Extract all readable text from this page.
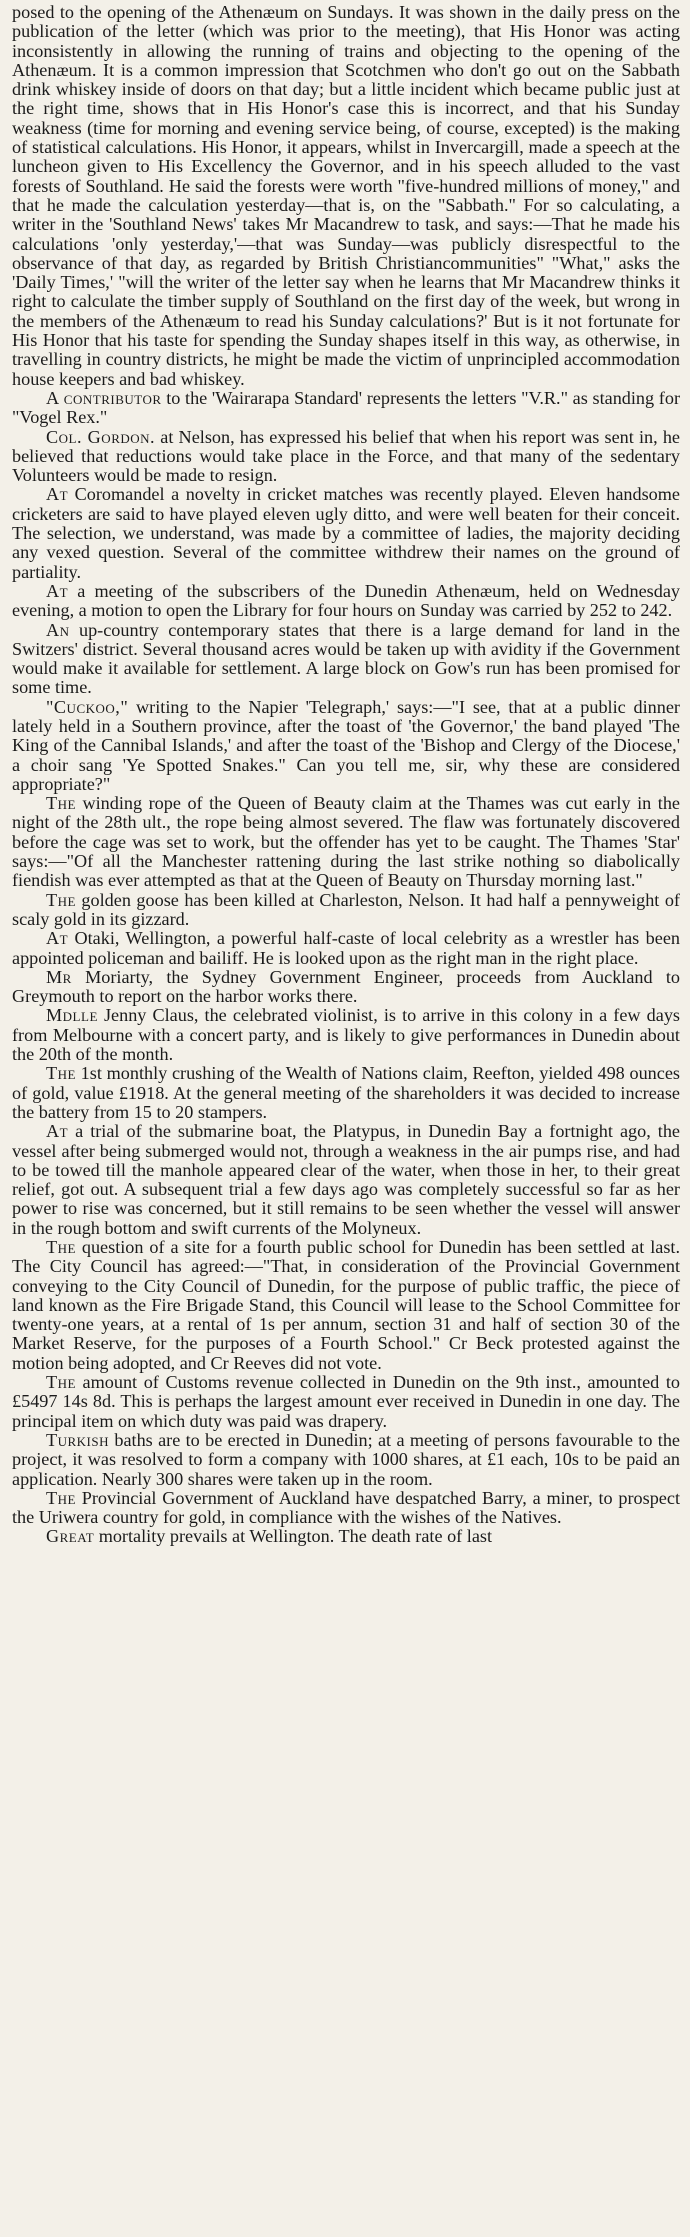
posed to the opening of the Athenæum on Sundays. It was shown in the daily press on the publication of the letter (which was prior to the meeting), that His Honor was acting inconsistently in allowing the running of trains and objecting to the opening of the Athenæum. It is a common impression that Scotchmen who don't go out on the Sabbath drink whiskey inside of doors on that day; but a little incident which became public just at the right time, shows that in His Honor's case this is incorrect, and that his Sunday weakness (time for morning and evening service being, of course, excepted) is the making of statistical calculations. His Honor, it appears, whilst in Invercargill, made a speech at the luncheon given to His Excellency the Governor, and in his speech alluded to the vast forests of Southland. He said the forests were worth "five-hundred millions of money," and that he made the calculation yesterday—that is, on the "Sabbath." For so calculating, a writer in the 'Southland News' takes Mr Macandrew to task, and says:—That he made his calculations 'only yesterday,'—that was Sunday—was publicly disrespectful to the observance of that day, as regarded by British Christiancommunities" "What," asks the 'Daily Times,' "will the writer of the letter say when he learns that Mr Macandrew thinks it right to calculate the timber supply of Southland on the first day of the week, but wrong in the members of the Athenæum to read his Sunday calculations?' But is it not fortunate for His Honor that his taste for spending the Sunday shapes itself in this way, as otherwise, in travelling in country districts, he might be made the victim of unprincipled accommodation house keepers and bad whiskey.

A contributor to the 'Wairarapa Standard' represents the letters "V.R." as standing for "Vogel Rex."

Col. Gordon. at Nelson, has expressed his belief that when his report was sent in, he believed that reductions would take place in the Force, and that many of the sedentary Volunteers would be made to resign.

At Coromandel a novelty in cricket matches was recently played. Eleven handsome cricketers are said to have played eleven ugly ditto, and were well beaten for their conceit. The selection, we understand, was made by a committee of ladies, the majority deciding any vexed question. Several of the committee withdrew their names on the ground of partiality.

At a meeting of the subscribers of the Dunedin Athenæum, held on Wednesday evening, a motion to open the Library for four hours on Sunday was carried by 252 to 242.

An up-country contemporary states that there is a large demand for land in the Switzers' district. Several thousand acres would be taken up with avidity if the Government would make it available for settlement. A large block on Gow's run has been promised for some time.

"Cuckoo," writing to the Napier 'Telegraph,' says:—"I see, that at a public dinner lately held in a Southern province, after the toast of 'the Governor,' the band played 'The King of the Cannibal Islands,' and after the toast of the 'Bishop and Clergy of the Diocese,' a choir sang 'Ye Spotted Snakes." Can you tell me, sir, why these are considered appropriate?"

The winding rope of the Queen of Beauty claim at the Thames was cut early in the night of the 28th ult., the rope being almost severed. The flaw was fortunately discovered before the cage was set to work, but the offender has yet to be caught. The Thames 'Star' says:—"Of all the Manchester rattening during the last strike nothing so diabolically fiendish was ever attempted as that at the Queen of Beauty on Thursday morning last."

The golden goose has been killed at Charleston, Nelson. It had half a pennyweight of scaly gold in its gizzard.

At Otaki, Wellington, a powerful half-caste of local celebrity as a wrestler has been appointed policeman and bailiff. He is looked upon as the right man in the right place.

Mr Moriarty, the Sydney Government Engineer, proceeds from Auckland to Greymouth to report on the harbor works there.

Mdlle Jenny Claus, the celebrated violinist, is to arrive in this colony in a few days from Melbourne with a concert party, and is likely to give performances in Dunedin about the 20th of the month.

The 1st monthly crushing of the Wealth of Nations claim, Reefton, yielded 498 ounces of gold, value £1918. At the general meeting of the shareholders it was decided to increase the battery from 15 to 20 stampers.

At a trial of the submarine boat, the Platypus, in Dunedin Bay a fortnight ago, the vessel after being submerged would not, through a weakness in the air pumps rise, and had to be towed till the manhole appeared clear of the water, when those in her, to their great relief, got out. A subsequent trial a few days ago was completely successful so far as her power to rise was concerned, but it still remains to be seen whether the vessel will answer in the rough bottom and swift currents of the Molyneux.

The question of a site for a fourth public school for Dunedin has been settled at last. The City Council has agreed:—"That, in consideration of the Provincial Government conveying to the City Council of Dunedin, for the purpose of public traffic, the piece of land known as the Fire Brigade Stand, this Council will lease to the School Committee for twenty-one years, at a rental of 1s per annum, section 31 and half of section 30 of the Market Reserve, for the purposes of a Fourth School." Cr Beck protested against the motion being adopted, and Cr Reeves did not vote.

The amount of Customs revenue collected in Dunedin on the 9th inst., amounted to £5497 14s 8d. This is perhaps the largest amount ever received in Dunedin in one day. The principal item on which duty was paid was drapery.

Turkish baths are to be erected in Dunedin; at a meeting of persons favourable to the project, it was resolved to form a company with 1000 shares, at £1 each, 10s to be paid an application. Nearly 300 shares were taken up in the room.

The Provincial Government of Auckland have despatched Barry, a miner, to prospect the Uriwera country for gold, in compliance with the wishes of the Natives.

Great mortality prevails at Wellington. The death rate of last
